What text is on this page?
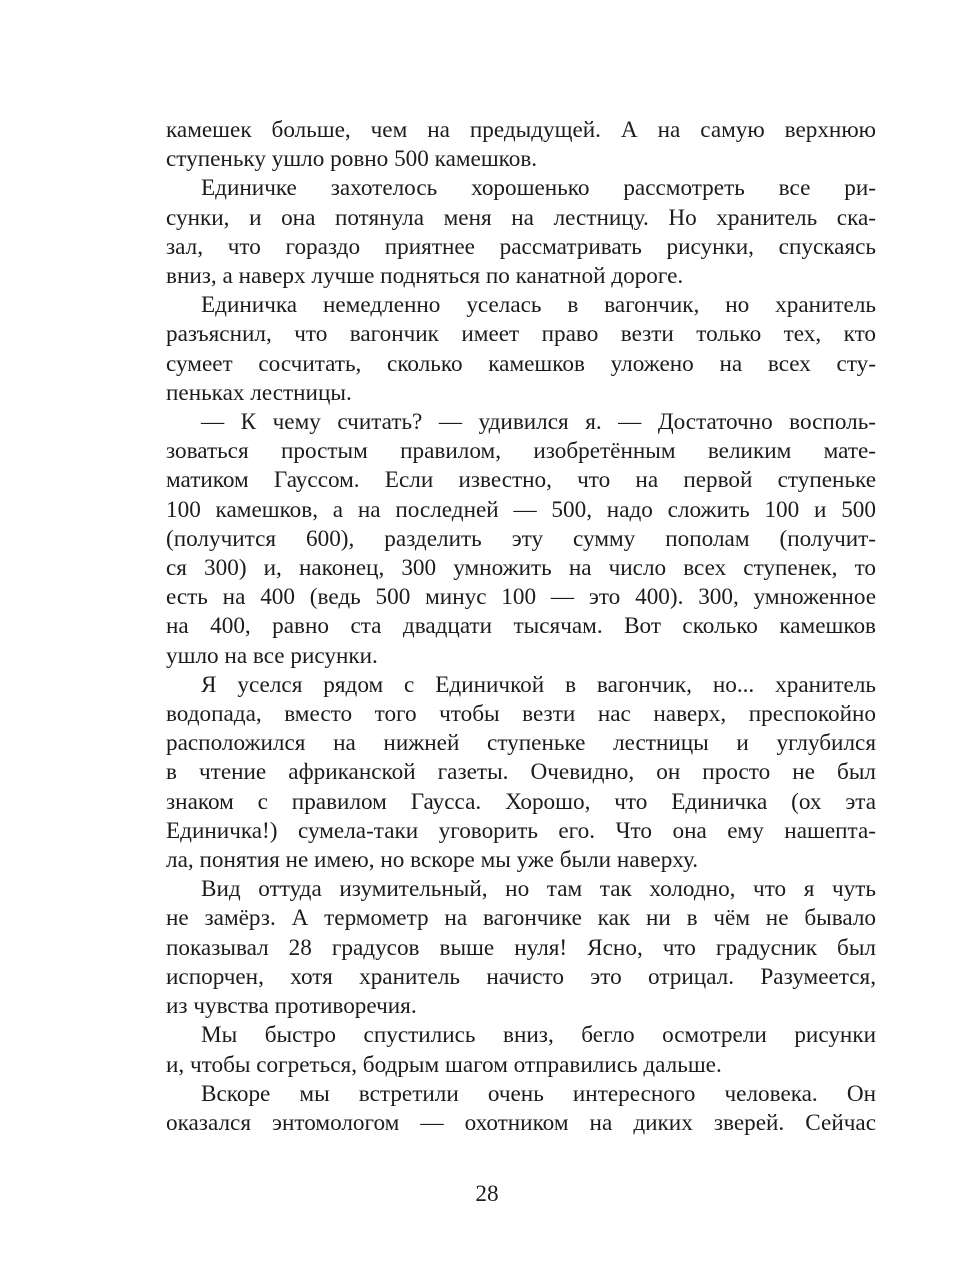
камешек больше, чем на предыдущей. А на самую верхнюю
ступеньку ушло ровно 500 камешков.
Единичке захотелось хорошенько рассмотреть все ри-
сунки, и она потянула меня на лестницу. Но хранитель ска-
зал, что гораздо приятнее рассматривать рисунки, спускаясь
вниз, а наверх лучше подняться по канатной дороге.
Единичка немедленно уселась в вагончик, но хранитель
разъяснил, что вагончик имеет право везти только тех, кто
сумеет сосчитать, сколько камешков уложено на всех сту-
пеньках лестницы.
— К чему считать? — удивился я. — Достаточно восполь-
зоваться простым правилом, изобретённым великим мате-
матиком Гауссом. Если известно, что на первой ступеньке
100 камешков, а на последней — 500, надо сложить 100 и 500
(получится 600), разделить эту сумму пополам (получит-
ся 300) и, наконец, 300 умножить на число всех ступенек, то
есть на 400 (ведь 500 минус 100 — это 400). 300, умноженное
на 400, равно ста двадцати тысячам. Вот сколько камешков
ушло на все рисунки.
Я уселся рядом с Единичкой в вагончик, но... хранитель
водопада, вместо того чтобы везти нас наверх, преспокойно
расположился на нижней ступеньке лестницы и углубился
в чтение африканской газеты. Очевидно, он просто не был
знаком с правилом Гаусса. Хорошо, что Единичка (ох эта
Единичка!) сумела-таки уговорить его. Что она ему нашепта-
ла, понятия не имею, но вскоре мы уже были наверху.
Вид оттуда изумительный, но там так холодно, что я чуть
не замёрз. А термометр на вагончике как ни в чём не бывало
показывал 28 градусов выше нуля! Ясно, что градусник был
испорчен, хотя хранитель начисто это отрицал. Разумеется,
из чувства противоречия.
Мы быстро спустились вниз, бегло осмотрели рисунки
и, чтобы согреться, бодрым шагом отправились дальше.
Вскоре мы встретили очень интересного человека. Он
оказался энтомологом — охотником на диких зверей. Сейчас
28
